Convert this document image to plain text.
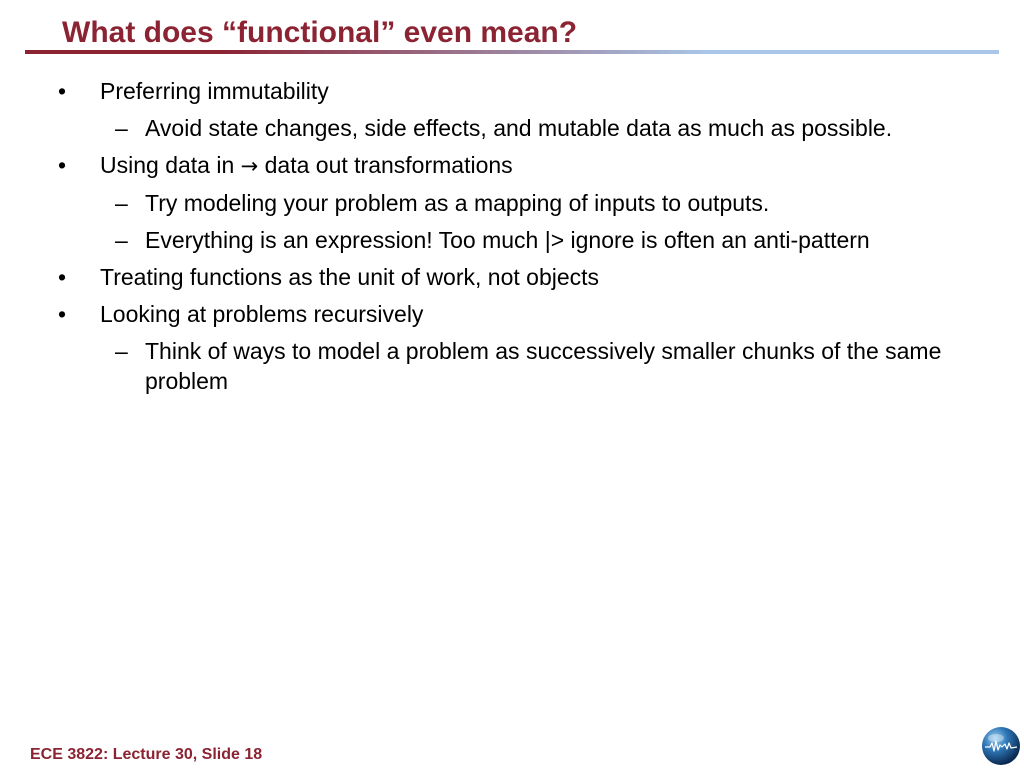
What does “functional” even mean?
• Preferring immutability
– Avoid state changes, side effects, and mutable data as much as possible.
• Using data in → data out transformations
– Try modeling your problem as a mapping of inputs to outputs.
– Everything is an expression! Too much |> ignore is often an anti-pattern
• Treating functions as the unit of work, not objects
• Looking at problems recursively
– Think of ways to model a problem as successively smaller chunks of the same problem
ECE 3822: Lecture 30, Slide 18
